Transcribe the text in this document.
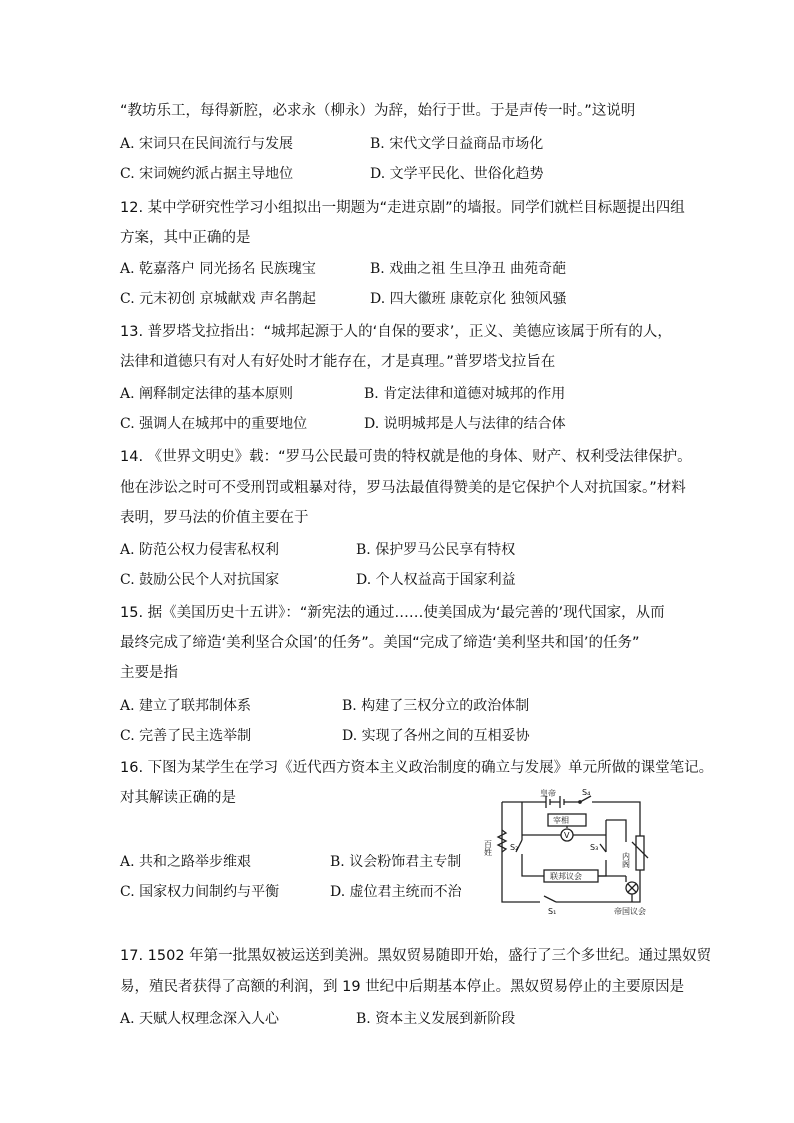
“教坊乐工，每得新腔，必求永（柳永）为辞，始行于世。于是声传一时。”这说明
A. 宋词只在民间流行与发展	B. 宋代文学日益商品市场化
C. 宋词婉约派占据主导地位	D. 文学平民化、世俗化趋势
12. 某中学研究性学习小组拟出一期题为“走进京剧”的墙报。同学们就栏目标题提出四组
方案，其中正确的是
A. 乾嘉落户 同光扬名 民族瑰宝	B. 戏曲之祖 生旦净丑 曲苑奇葩
C. 元末初创 京城献戏 声名鹊起	D. 四大徽班 康乾京化 独领风骚
13. 普罗塔戈拉指出：“城邦起源于人的‘自保的要求’，正义、美德应该属于所有的人，
法律和道德只有对人有好处时才能存在，才是真理。”普罗塔戈拉旨在
A. 阐释制定法律的基本原则	B. 肯定法律和道德对城邦的作用
C. 强调人在城邦中的重要地位	D. 说明城邦是人与法律的结合体
14. 《世界文明史》载：“罗马公民最可贵的特权就是他的身体、财产、权利受法律保护。
他在涉讼之时可不受刑罚或粗暴对待，罗马法最值得赞美的是它保护个人对抗国家。”材料
表明，罗马法的价值主要在于
A. 防范公权力侵害私权利	B. 保护罗马公民享有特权
C. 鼓励公民个人对抗国家	D. 个人权益高于国家利益
15. 据《美国历史十五讲》：“新宪法的通过……使美国成为‘最完善的’现代国家，从而
最终完成了缔造‘美利坚合众国’的任务”。美国“完成了缔造‘美利坚共和国’的任务”
主要是指
A. 建立了联邦制体系	B. 构建了三权分立的政治体制
C. 完善了民主选举制	D. 实现了各州之间的互相妥协
16. 下图为某学生在学习《近代西方资本主义政治制度的确立与发展》单元所做的课堂笔记。
对其解读正确的是
A. 共和之路举步维艰	B. 议会粉饰君主专制
C. 国家权力间制约与平衡	D. 虚位君主统而不治
皇帝	S₄
宰相
V
百姓 S₂	S₃
内阁
联邦议会
S₁	帝国议会
17. 1502 年第一批黑奴被运送到美洲。黑奴贸易随即开始，盛行了三个多世纪。通过黑奴贸
易，殖民者获得了高额的利润，到 19 世纪中后期基本停止。黑奴贸易停止的主要原因是
A. 天赋人权理念深入人心	B. 资本主义发展到新阶段
